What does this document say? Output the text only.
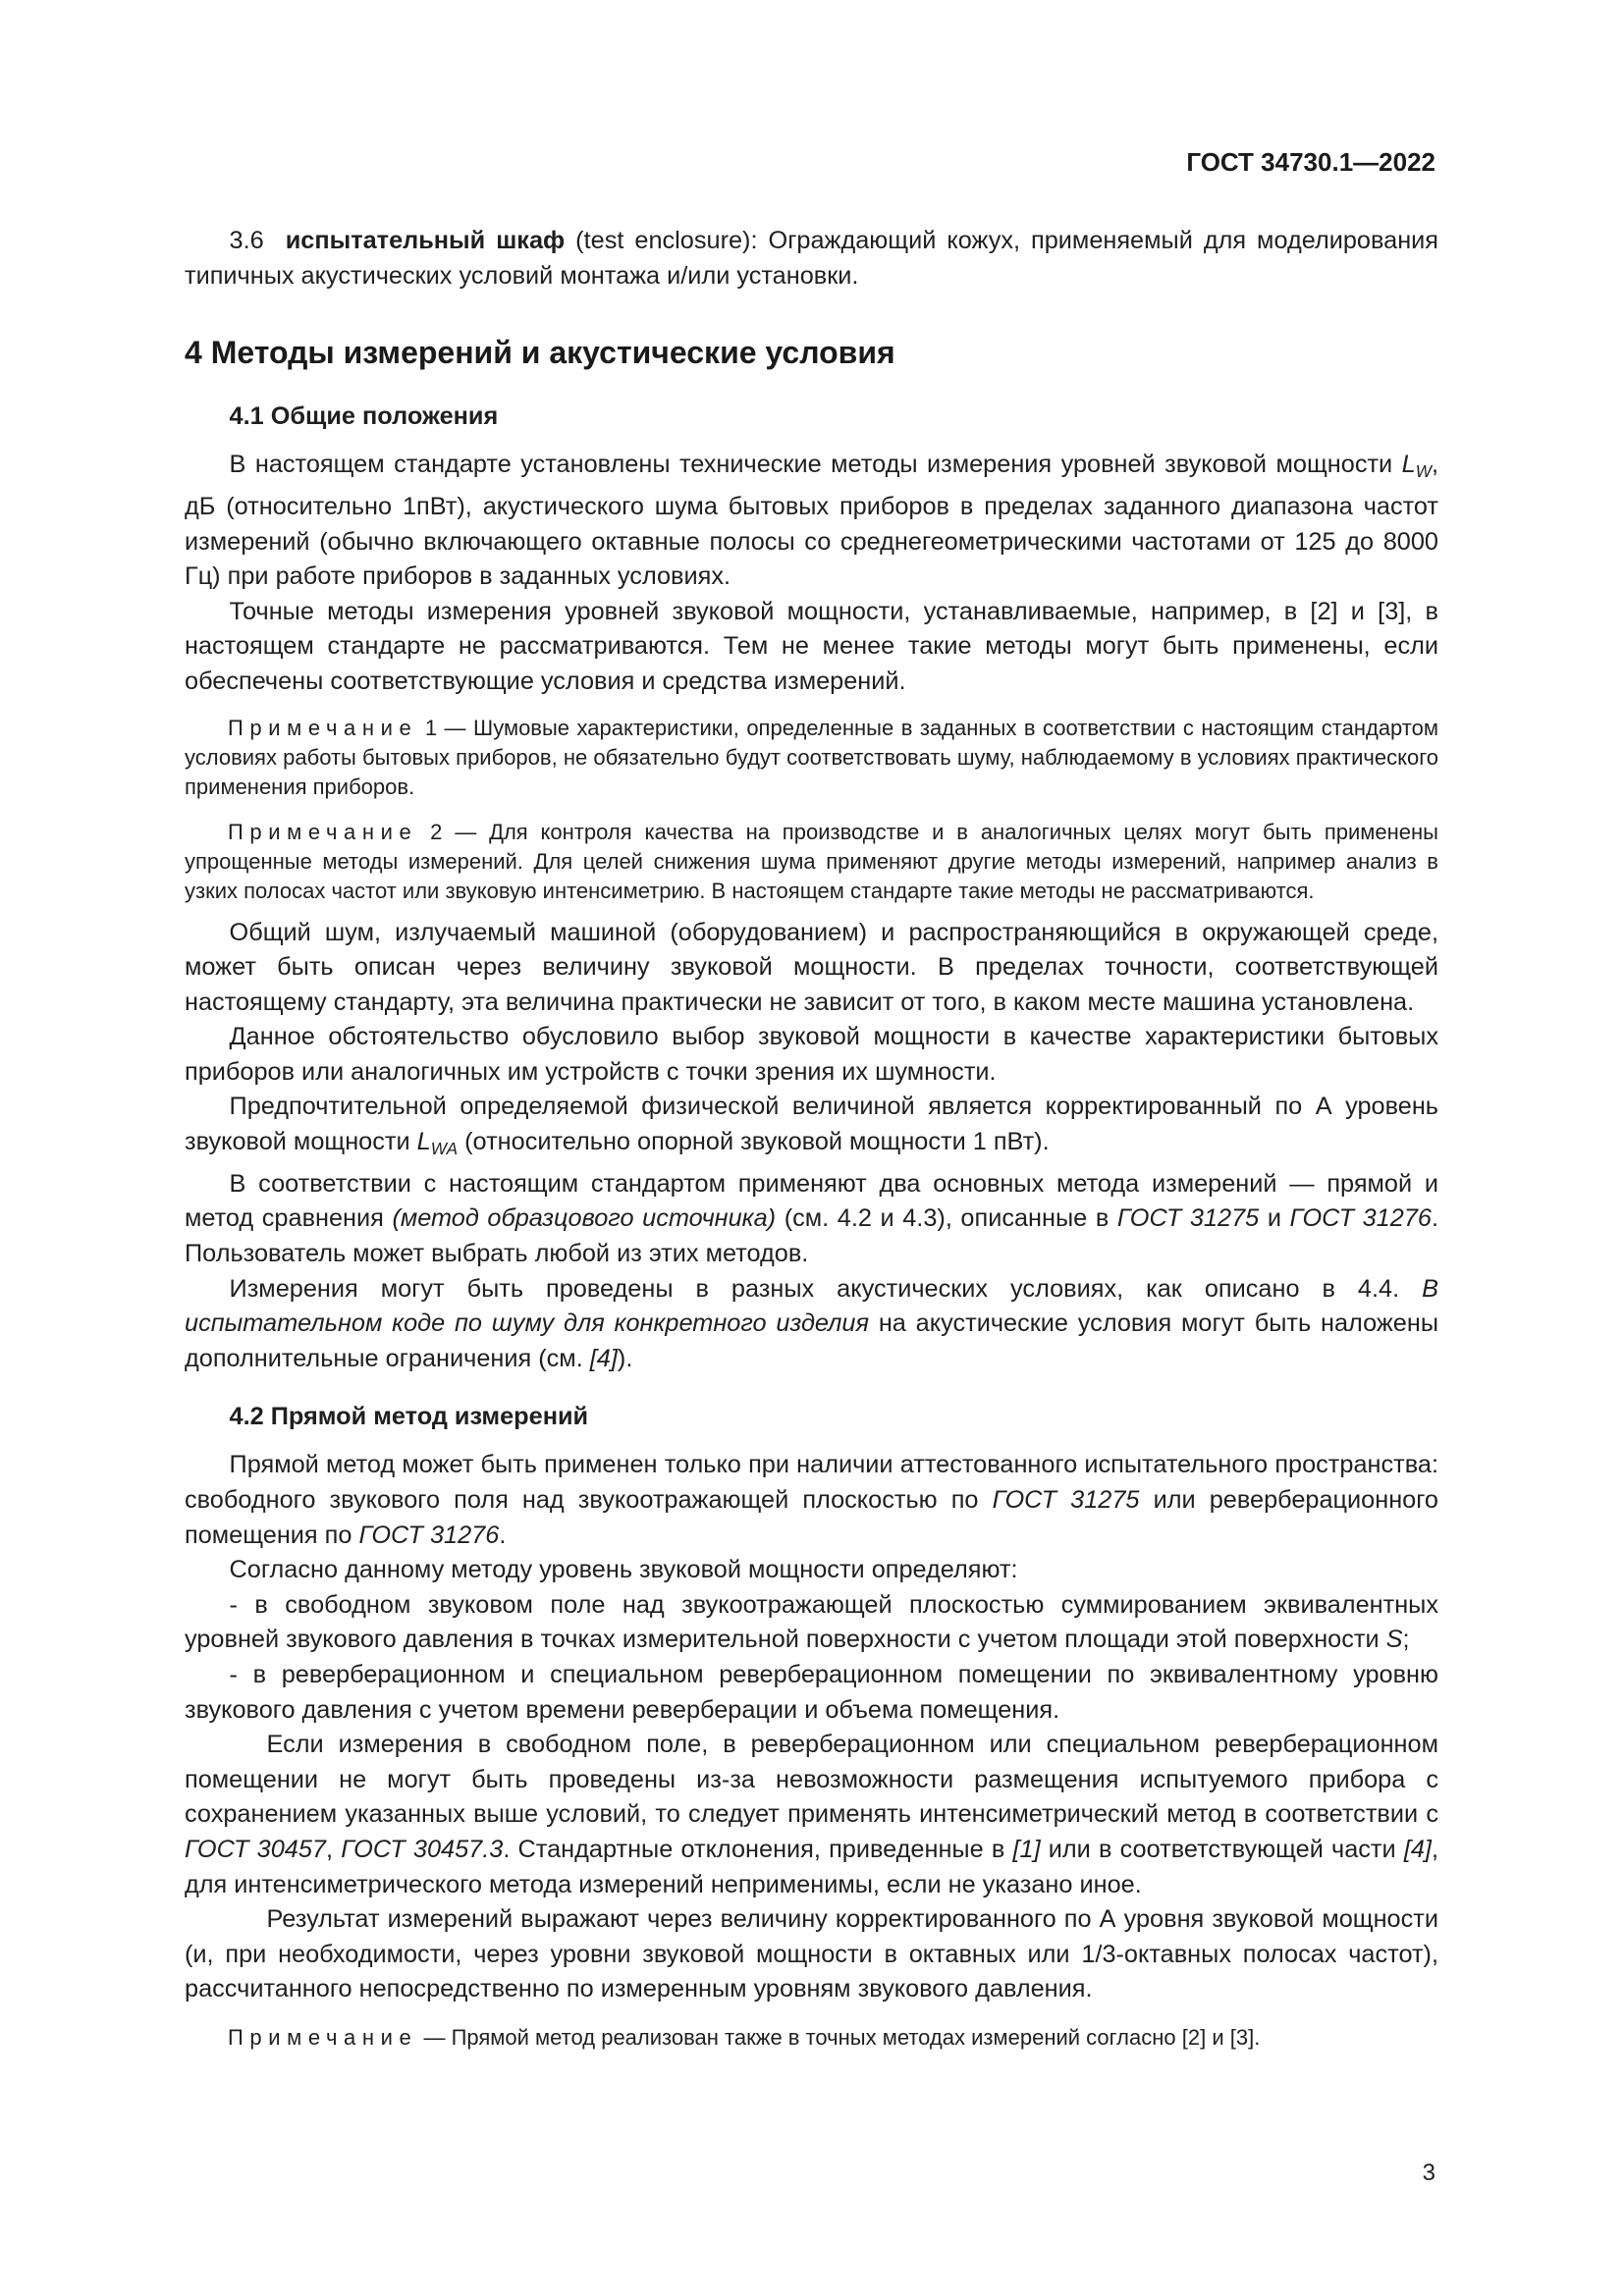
ГОСТ 34730.1—2022

3.6 испытательный шкаф (test enclosure): Ограждающий кожух, применяемый для моделирования типичных акустических условий монтажа и/или установки.

4 Методы измерений и акустические условия
4.1 Общие положения

В настоящем стандарте установлены технические методы измерения уровней звуковой мощности $L_W$, дБ (относительно 1пВт), акустического шума бытовых приборов в пределах заданного диапазона частот измерений (обычно включающего октавные полосы со среднегеометрическими частотами от 125 до 8000 Гц) при работе приборов в заданных условиях.

Точные методы измерения уровней звуковой мощности, устанавливаемые, например, в [2] и [3], в настоящем стандарте не рассматриваются. Тем не менее такие методы могут быть применены, если обеспечены соответствующие условия и средства измерений.

Примечание 1 — Шумовые характеристики, определенные в заданных в соответствии с настоящим стандартом условиях работы бытовых приборов, не обязательно будут соответствовать шуму, наблюдаемому в условиях практического применения приборов.
Примечание 2 — Для контроля качества на производстве и в аналогичных целях могут быть применены упрощенные методы измерений. Для целей снижения шума применяют другие методы измерений, например анализ в узких полосах частот или звуковую интенсиметрию. В настоящем стандарте такие методы не рассматриваются.

Общий шум, излучаемый машиной (оборудованием) и распространяющийся в окружающей среде, может быть описан через величину звуковой мощности. В пределах точности, соответствующей настоящему стандарту, эта величина практически не зависит от того, в каком месте машина установлена.

Данное обстоятельство обусловило выбор звуковой мощности в качестве характеристики бытовых приборов или аналогичных им устройств с точки зрения их шумности.

Предпочтительной определяемой физической величиной является корректированный по А уровень звуковой мощности $L_{WA}$ (относительно опорной звуковой мощности 1 пВт).

В соответствии с настоящим стандартом применяют два основных метода измерений — прямой и метод сравнения (метод образцового источника) (см. 4.2 и 4.3), описанные в ГОСТ 31275 и ГОСТ 31276. Пользователь может выбрать любой из этих методов.

Измерения могут быть проведены в разных акустических условиях, как описано в 4.4. В испытательном коде по шуму для конкретного изделия на акустические условия могут быть наложены дополнительные ограничения (см. [4]).

4.2 Прямой метод измерений

Прямой метод может быть применен только при наличии аттестованного испытательного пространства: свободного звукового поля над звукоотражающей плоскостью по ГОСТ 31275 или реверберационного помещения по ГОСТ 31276.

Согласно данному методу уровень звуковой мощности определяют:

- в свободном звуковом поле над звукоотражающей плоскостью суммированием эквивалентных уровней звукового давления в точках измерительной поверхности с учетом площади этой поверхности S;

- в реверберационном и специальном реверберационном помещении по эквивалентному уровню звукового давления с учетом времени реверберации и объема помещения.

Если измерения в свободном поле, в реверберационном или специальном реверберационном помещении не могут быть проведены из-за невозможности размещения испытуемого прибора с сохранением указанных выше условий, то следует применять интенсиметрический метод в соответствии с ГОСТ 30457, ГОСТ 30457.3. Стандартные отклонения, приведенные в [1] или в соответствующей части [4], для интенсиметрического метода измерений неприменимы, если не указано иное.

Результат измерений выражают через величину корректированного по А уровня звуковой мощности (и, при необходимости, через уровни звуковой мощности в октавных или 1/3-октавных полосах частот), рассчитанного непосредственно по измеренным уровням звукового давления.

Примечание — Прямой метод реализован также в точных методах измерений согласно [2] и [3].
3
